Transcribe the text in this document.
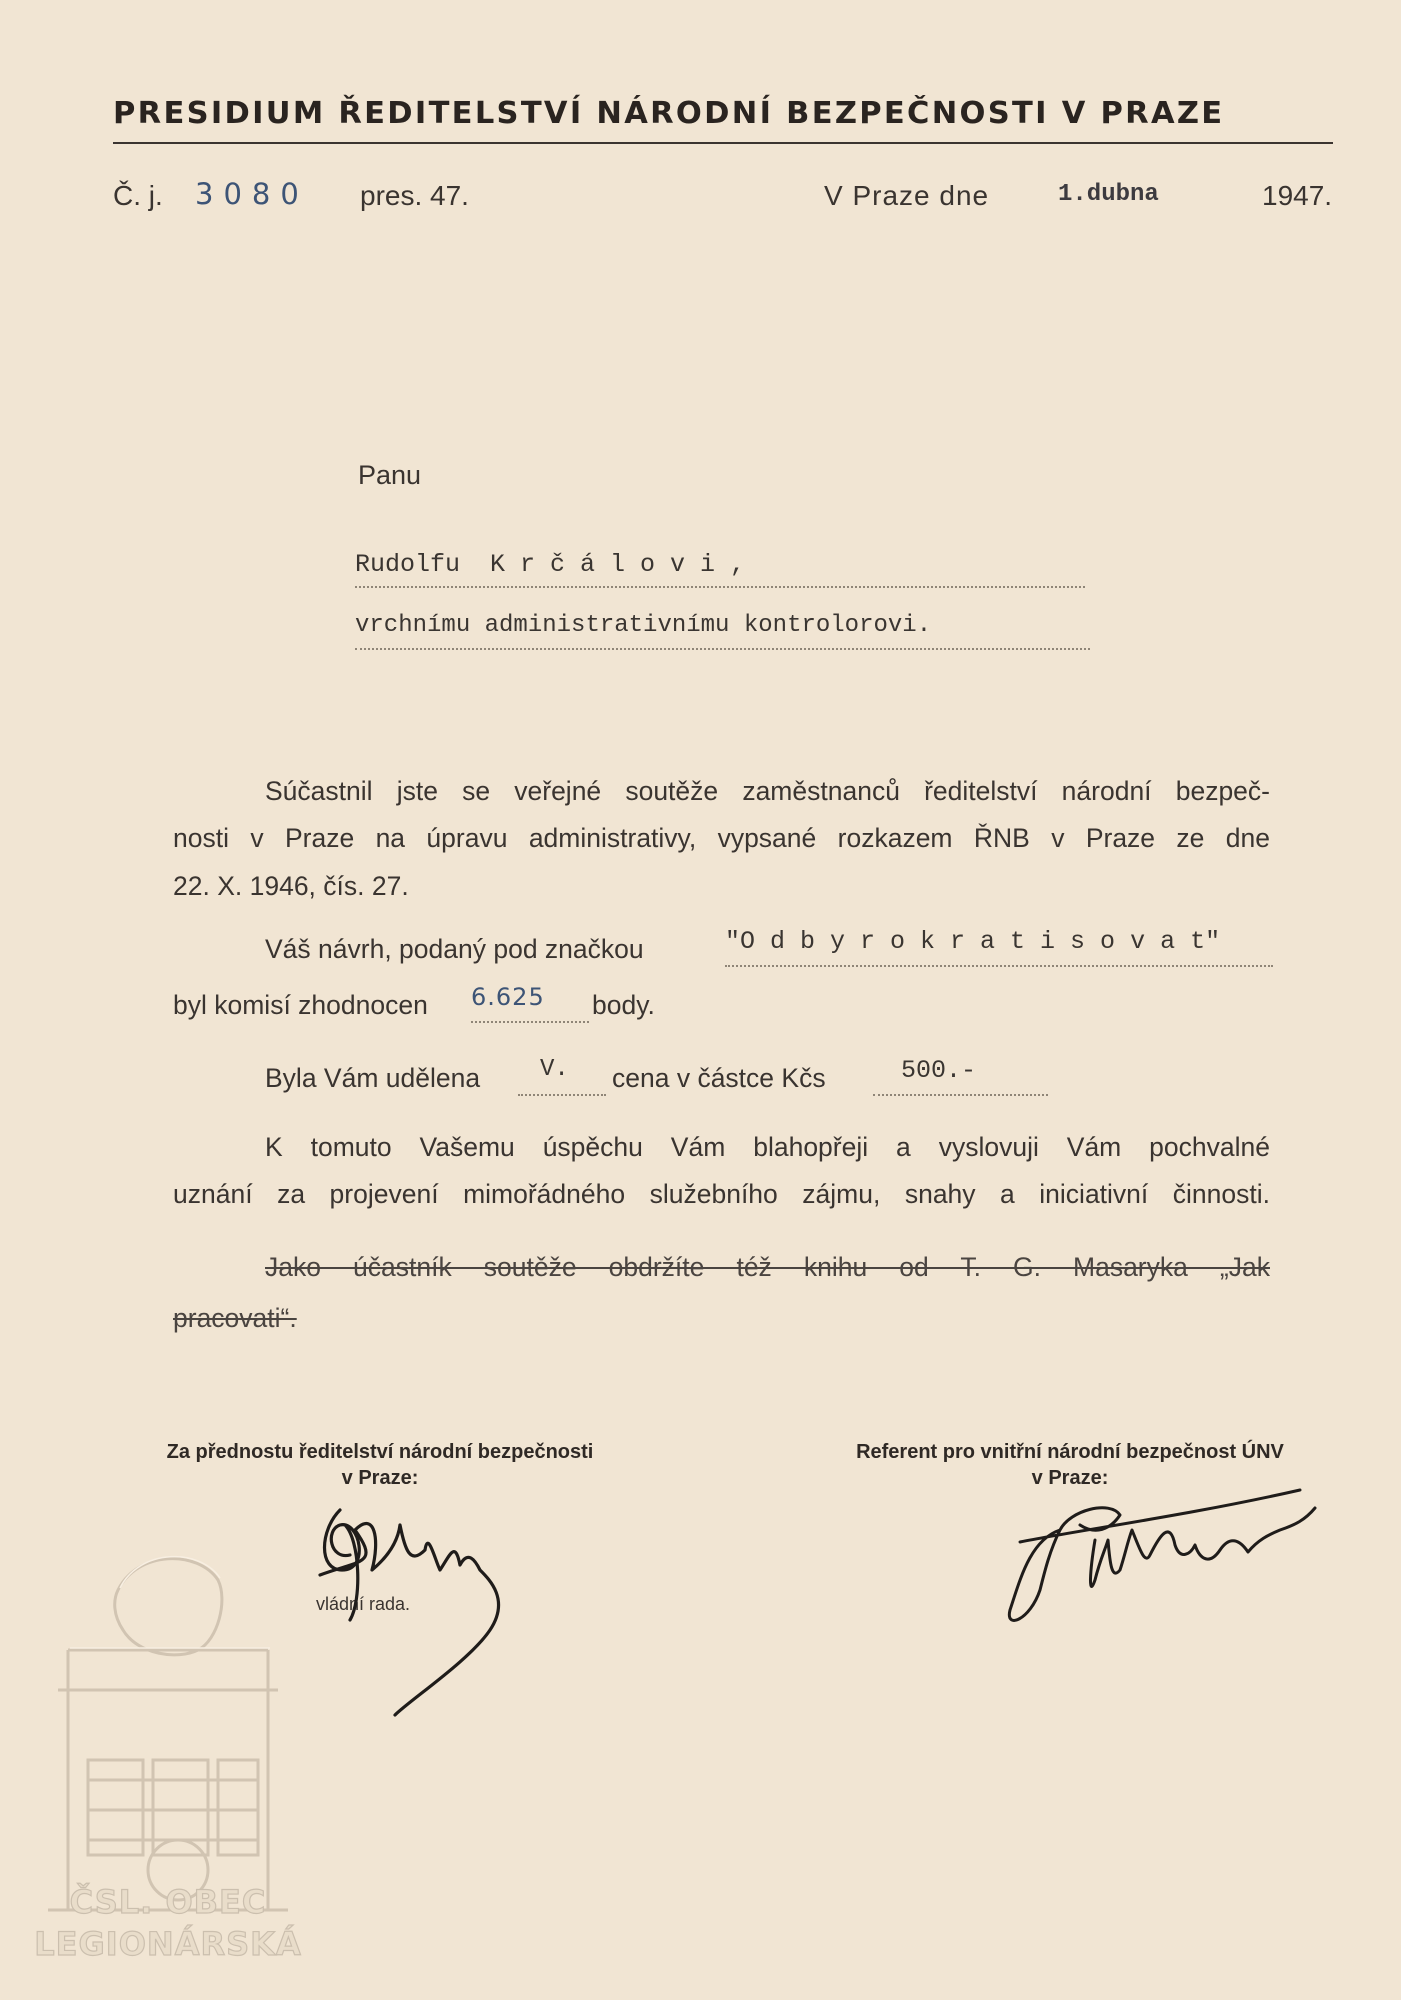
PRESIDIUM ŘEDITELSTVÍ NÁRODNÍ BEZPEČNOSTI V PRAZE
Č. j. 3080 pres. 47.	V Praze dne	1.dubna	1947.
Panu
Rudolfu  K r č á l o v i ,
vrchnímu administrativnímu kontrolorovi.
Súčastnil jste se veřejné soutěže zaměstnanců ředitelství národní bezpeč-
nosti v Praze na úpravu administrativy, vypsané rozkazem ŘNB v Praze ze dne
22. X. 1946, čís. 27.
Váš návrh, podaný pod značkou	"O d b y r o k r a t i s o v a t"
byl komisí zhodnocen 6.625	body.
Byla Vám udělena	V.	cena v částce Kčs	500.-
K tomuto Vašemu úspěchu Vám blahopřeji a vyslovuji Vám pochvalné
uznání za projevení mimořádného služebního zájmu, snahy a iniciativní činnosti.
Jako účastník soutěže obdržíte též knihu od T. G. Masaryka „Jak
pracovati“.
Za přednostu ředitelství národní bezpečnosti
v Praze:
vládní rada.
Referent pro vnitřní národní bezpečnost ÚNV
v Praze:
ČSL. OBEC
LEGIONÁRSKÁ
